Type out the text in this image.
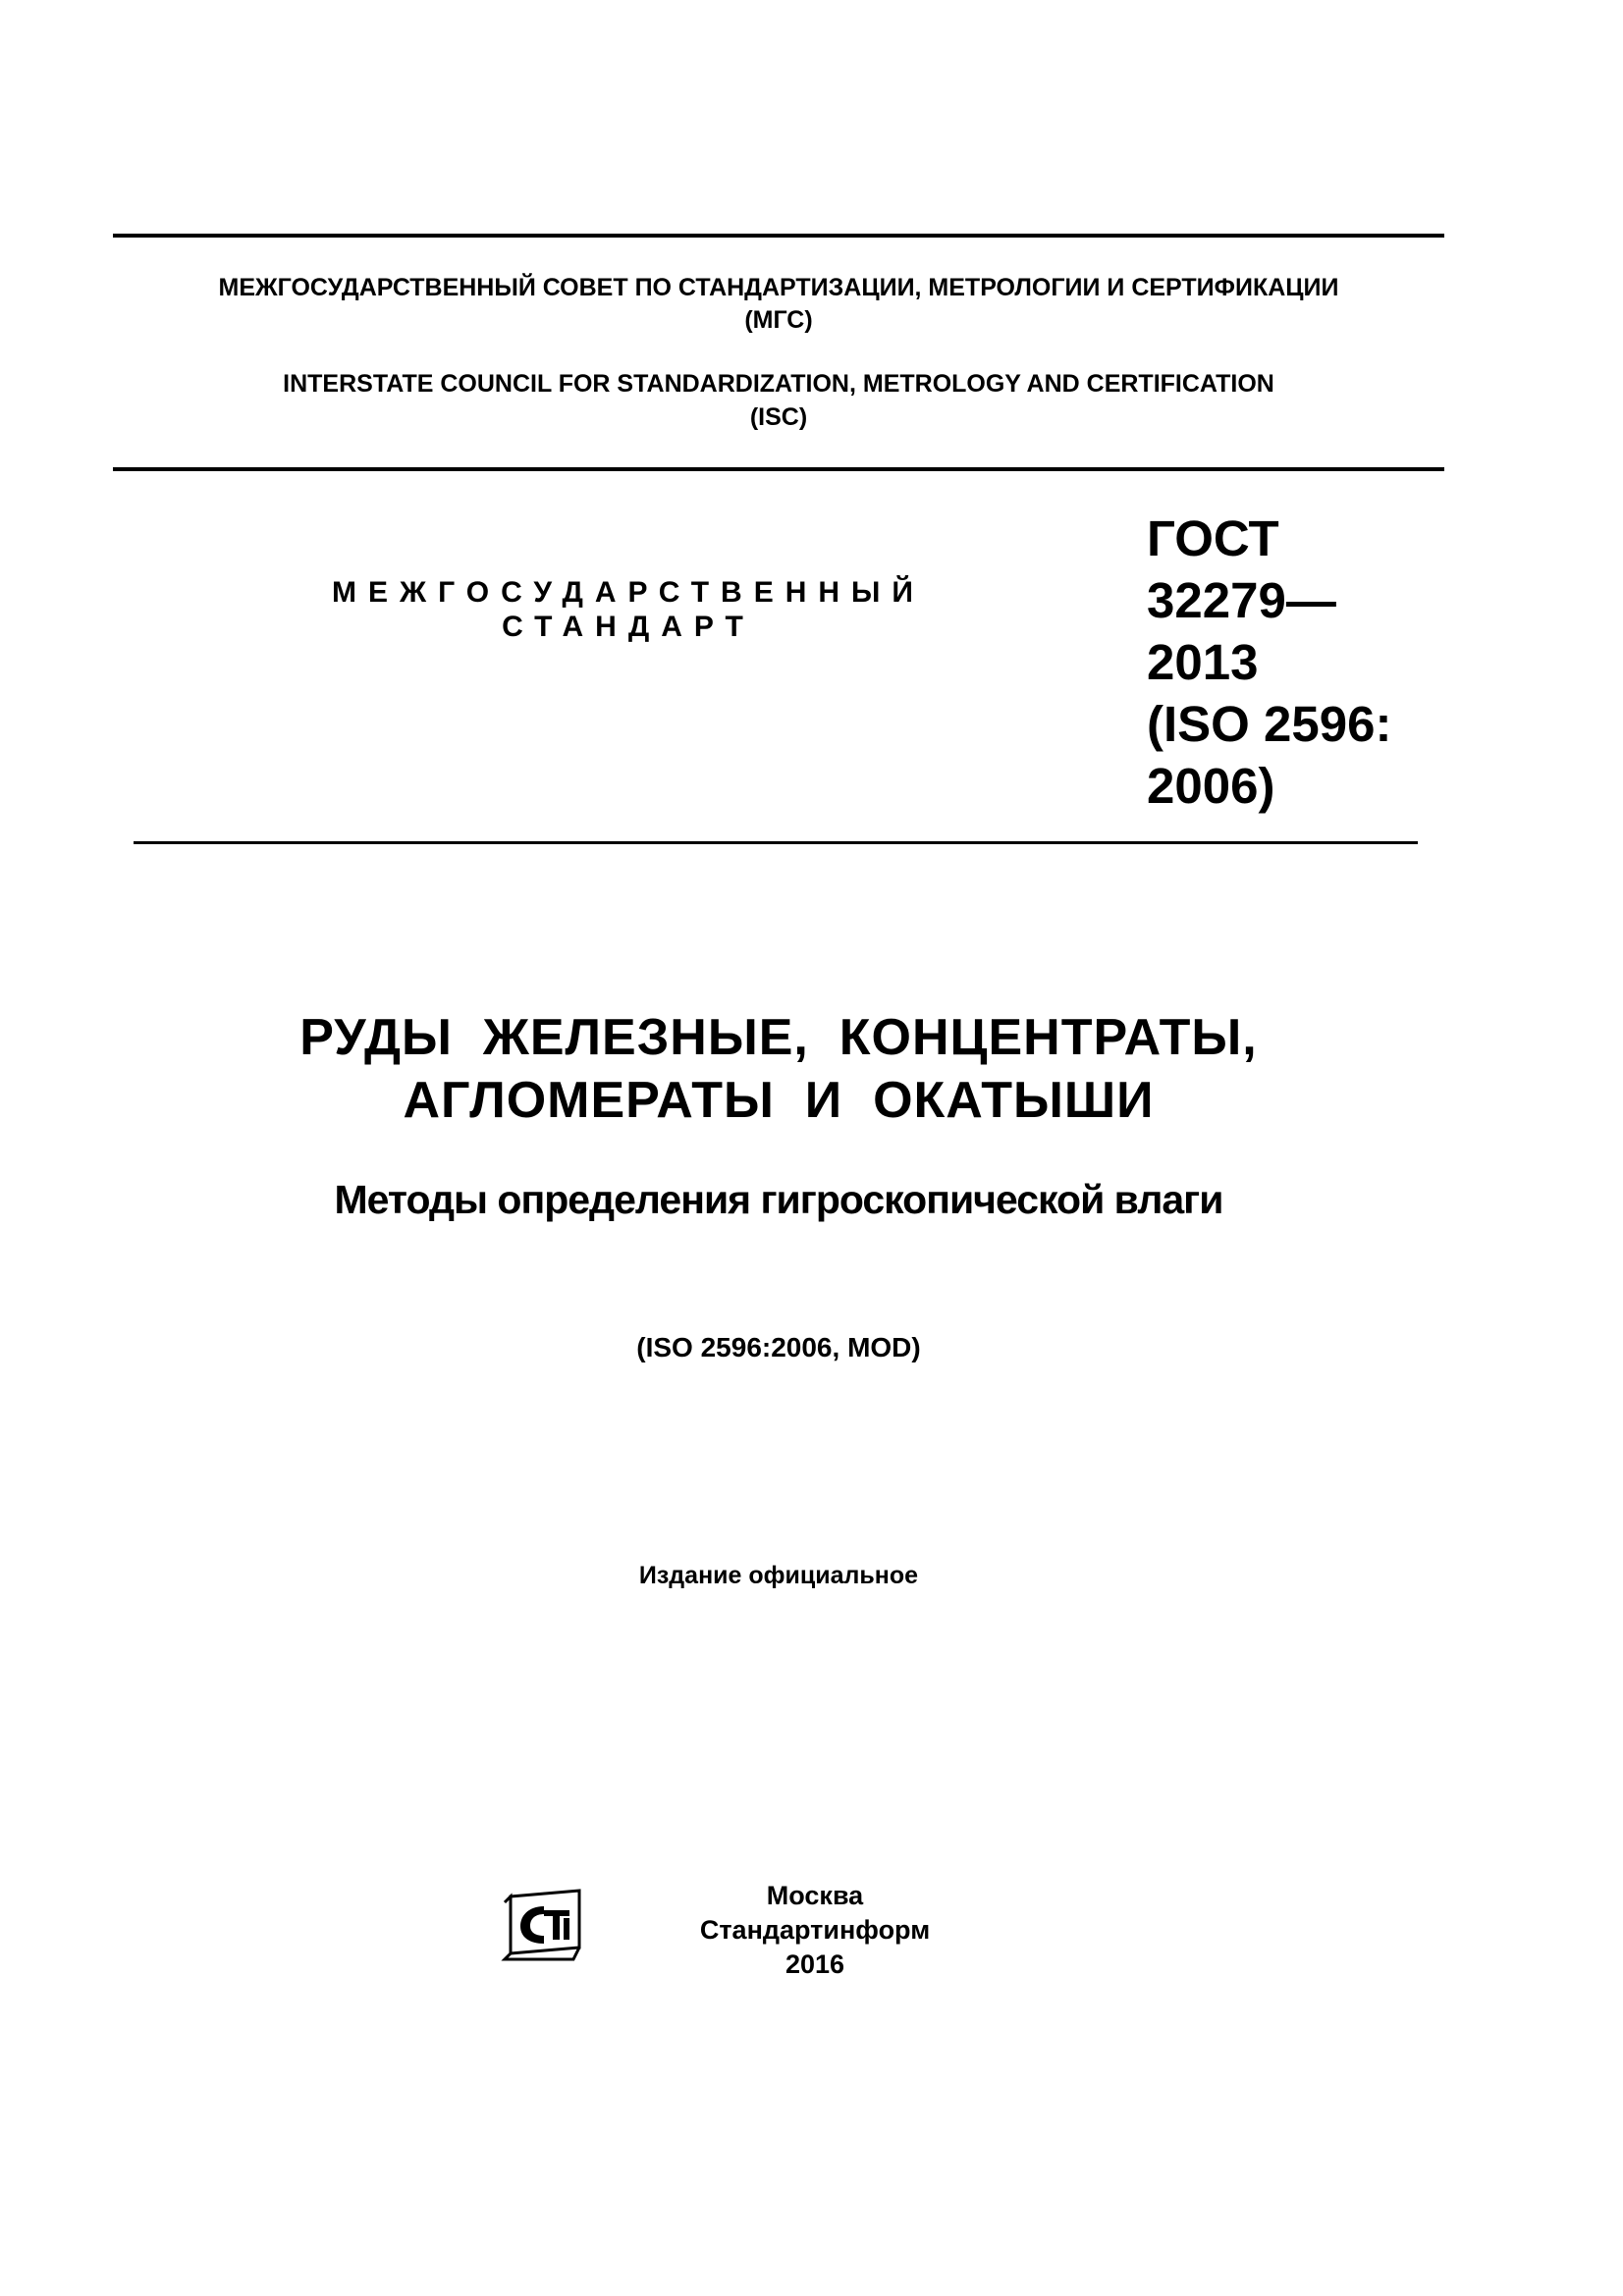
МЕЖГОСУДАРСТВЕННЫЙ СОВЕТ ПО СТАНДАРТИЗАЦИИ, МЕТРОЛОГИИ И СЕРТИФИКАЦИИ
(МГС)
INTERSTATE COUNCIL FOR STANDARDIZATION, METROLOGY AND CERTIFICATION
(ISC)
МЕЖГОСУДАРСТВЕННЫЙ
СТАНДАРТ
ГОСТ
32279—
2013
(ISO 2596:
2006)
РУДЫ  ЖЕЛЕЗНЫЕ,  КОНЦЕНТРАТЫ,
АГЛОМЕРАТЫ  И  ОКАТЫШИ
Методы определения гигроскопической влаги
(ISO 2596:2006, MOD)
Издание официальное
Москва
Стандартинформ
2016
